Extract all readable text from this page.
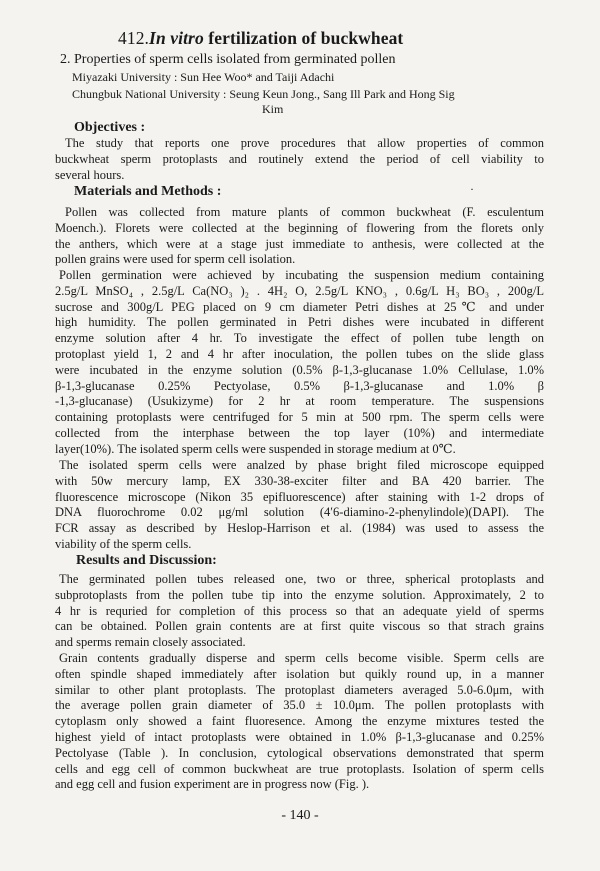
412.In vitro fertilization of buckwheat
2. Properties of sperm cells isolated from germinated pollen
Miyazaki University : Sun Hee Woo* and Taiji Adachi
Chungbuk National University : Seung Keun Jong., Sang Ill Park and Hong Sig
Kim
Objectives :
The study that reports one prove procedures that allow properties of common
buckwheat sperm protoplasts and routinely extend the period of cell viability to
several hours.
Materials and Methods :	·
Pollen was collected from mature plants of common buckwheat (F. esculentum
Moench.). Florets were collected at the beginning of flowering from the florets only
the anthers, which were at a stage just immediate to anthesis, were collected at the
pollen grains were used for sperm cell isolation.
Pollen germination were achieved by incubating the suspension medium containing
2.5g/L MnSO₄ , 2.5g/L Ca(NO₃ )₂ . 4H₂ O, 2.5g/L KNO₃ , 0.6g/L H₃ BO₃ , 200g/L
sucrose and 300g/L PEG placed on 9 cm diameter Petri dishes at 25℃ and under
high humidity. The pollen germinated in Petri dishes were incubated in different
enzyme solution after 4 hr. To investigate the effect of pollen tube length on
protoplast yield 1, 2 and 4 hr after inoculation, the pollen tubes on the slide glass
were incubated in the enzyme solution (0.5% β-1,3-glucanase 1.0% Cellulase, 1.0%
β-1,3-glucanase 0.25% Pectyolase, 0.5% β-1,3-glucanase and 1.0% β
-1,3-glucanase) (Usukizyme) for 2 hr at room temperature. The suspensions
containing protoplasts were centrifuged for 5 min at 500 rpm. The sperm cells were
collected from the interphase between the top layer (10%) and intermediate
layer(10%). The isolated sperm cells were suspended in storage medium at 0℃.
The isolated sperm cells were analzed by phase bright filed microscope equipped
with 50w mercury lamp, EX 330-38-exciter filter and BA 420 barrier. The
fluorescence microscope (Nikon 35 epifluorescence) after staining with 1-2 drops of
DNA fluorochrome 0.02 μg/ml solution (4′6-diamino-2-phenylindole)(DAPI). The
FCR assay as described by Heslop-Harrison et al. (1984) was used to assess the
viability of the sperm cells.
Results and Discussion:
The germinated pollen tubes released one, two or three, spherical protoplasts and
subprotoplasts from the pollen tube tip into the enzyme solution. Approximately, 2 to
4 hr is requried for completion of this process so that an adequate yield of sperms
can be obtained. Pollen grain contents are at first quite viscous so that strach grains
and sperms remain closely associated.
Grain contents gradually disperse and sperm cells become visible. Sperm cells are
often spindle shaped immediately after isolation but quikly round up, in a manner
similar to other plant protoplasts. The protoplast diameters averaged 5.0-6.0μm, with
the average pollen grain diameter of 35.0 ± 10.0μm. The pollen protoplasts with
cytoplasm only showed a faint fluoresence. Among the enzyme mixtures tested the
highest yield of intact protoplasts were obtained in 1.0% β-1,3-glucanase and 0.25%
Pectolyase (Table ). In conclusion, cytological observations demonstrated that sperm
cells and egg cell of common buckwheat are true protoplasts. Isolation of sperm cells
and egg cell and fusion experiment are in progress now (Fig. ).
- 140 -
